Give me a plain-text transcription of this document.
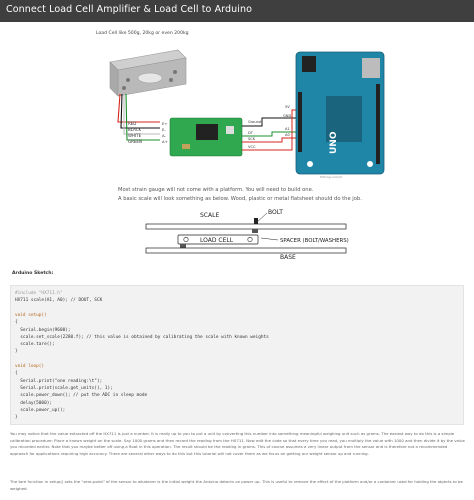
Connect Load Cell Amplifier & Load Cell to Arduino
Load Cell like 500g, 20kg or even 200kg
RED
BLACK
WHITE
GREEN
E+
E-
A-
A+
Ground
DT
SCK
VCC	UNO
5V
GND
A1
A0
fritzing.com/id
Most strain gauge will not come with a platform. You will need to build one.
A basic scale will look something as below. Wood, plastic or metal flatsheet should do the job.
SCALE	BOLT
LOAD CELL	SPACER (BOLT/WASHERS)
BASE
Arduino Sketch:
#include "HX711.h"
HX711 scale(A1, A0); // DOUT, SCK
void setup()
{
Serial.begin(9600);
scale.set_scale(2280.f); // this value is obtained by calibrating the scale with known weights
scale.tare();
}
void loop()
{
Serial.print("one reading:\t");
Serial.print(scale.get_units(), 1);
scale.power_down(); // put the ADC in sleep mode
delay(5000);
scale.power_up();
}
You may notice that the value extracted off the HX711 is just a number. It is really up to you to put a unit by converting this number into something meaningful weighing unit such as grams. The easiest way to do this is a simple calibration procedure: Place a known weight on the scale. Say 1000 grams and then record the reading from the HX711. Now edit the code so that every time you read, you multiply the value with 1000 and then divide it by the value you recorded earlier. Note that you maybe better off using a float in this operation. The result should be the reading in grams. This of course assumes a very linear output from the sensor and is therefore not a recommended approach for applications requiring high accuracy. There are several other ways to do this but this tutorial will not cover them as we focus on getting our weight sensor up and running.
The tare function in setup() sets the "zero-point" of the sensor to whatever is the initial weight the Arduino detects on power up. This is useful to remove the effect of the platform and/or a container used for holding the objects to be weighed.
